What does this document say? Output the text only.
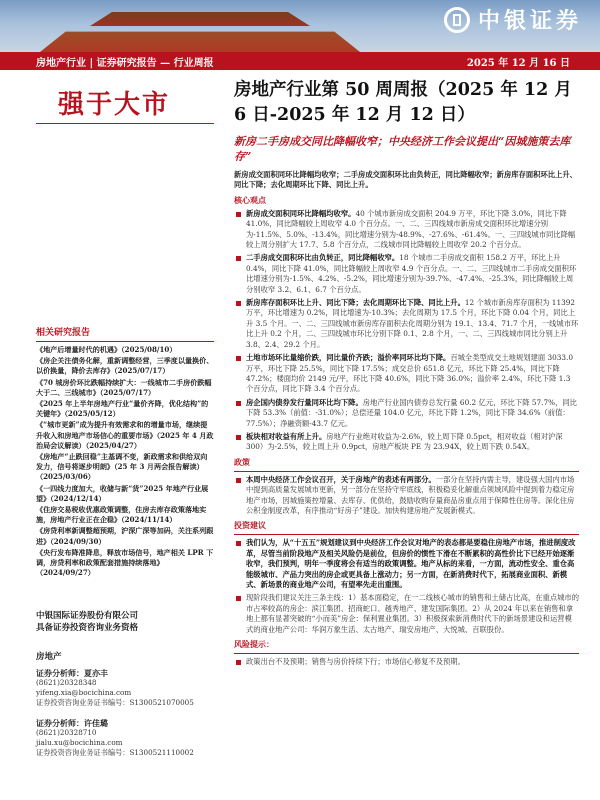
中银证券
房地产行业 | 证券研究报告 — 行业周报	2025 年 12 月 16 日
强于大市	房地产行业第 50 周周报（2025 年 12 月 6 日-2025 年 12 月 12 日）
新房二手房成交同比降幅收窄；中央经济工作会议提出“因城施策去库存”
新房成交面积同环比降幅均收窄；二手房成交面积环比由负转正，同比降幅收窄；新房库存面积环比上升、同比下降；去化周期环比下降、同比上升。
核心观点
新房成交面积同环比降幅均收窄。40 个城市新房成交面积 204.9 万平，环比下降 3.0%，同比下降 41.0%，同比降幅较上周收窄 4.0 个百分点。一、二、三四线城市新房成交面积环比增速分别为-11.5%、5.0%、-13.4%，同比增速分别为-48.9%、-27.6%、-61.4%。一、三四线城市同比降幅较上周分别扩大 17.7、5.8 个百分点，二线城市同比降幅较上周收窄 20.2 个百分点。
二手房成交面积环比由负转正，同比降幅收窄。18 个城市二手房成交面积 158.2 万平，环比上升 0.4%，同比下降 41.0%，同比降幅较上周收窄 4.9 个百分点。一、二、三四线城市二手房成交面积环比增速分别为-1.5%、4.2%、-5.2%，同比增速分别为-39.7%、-47.4%、-25.3%，同比降幅较上周分别收窄 3.2、6.1、6.7 个百分点。
新房库存面积环比上升、同比下降；去化周期环比下降、同比上升。12 个城市新房库存面积为 11392 万平，环比增速为 0.2%，同比增速为-10.3%；去化周期为 17.5 个月，环比下降 0.04 个月，同比上升 3.5 个月。一、二、三四线城市新房库存面积去化周期分别为 19.1、13.4、71.7 个月，一线城市环比上升 0.2 个月，二、三四线城市环比分别下降 0.1、2.8 个月，一、二、三四线城市同比分别上升 3.8、2.4、29.2 个月。
土地市场环比量缩价跌，同比量价齐跌；溢价率同环比均下降。百城全类型成交土地规划建面 3033.0 万平，环比下降 25.5%，同比下降 17.5%；成交总价 651.8 亿元，环比下降 25.4%，同比下降 47.2%；楼面均价 2149 元/平，环比下降 40.6%，同比下降 36.0%；溢价率 2.4%，环比下降 1.3 个百分点，同比下降 3.4 个百分点。
房企国内债券发行量同环比均下降。房地产行业国内债券总发行量 60.2 亿元，环比下降 57.7%，同比下降 53.3%（前值：-31.0%）；总偿还量 104.0 亿元，环比下降 1.2%，同比下降 34.6%（前值：77.5%）；净融资额-43.7 亿元。
板块相对收益有所上升。房地产行业绝对收益为-2.6%，较上周下降 0.5pct，相对收益（相对沪深 300）为-2.5%，较上周上升 0.9pct，房地产板块 PE 为 23.94X，较上周下跌 0.54X。
政策
本周中央经济工作会议召开，关于房地产的表述有两部分。一部分在坚持内需主导，建设强大国内市场中提到高质量发展城市更新，另一部分在坚持守牢底线，积极稳妥化解重点领域风险中提到着力稳定房地产市场，因城施策控增量、去库存、优供给，鼓励收购存量商品房重点用于保障性住房等。深化住房公积金制度改革，有序推动“好房子”建设。加快构建房地产发展新模式。
投资建议
我们认为，从“十五五”规划建议到中央经济工作会议对地产的表态都是要稳住房地产市场，推进制度改革，尽管当前阶段地产及相关风险仍是前位，但房价的惯性下滑在不断累积的高性价比下已经开始逐渐收窄，我们预判，明年一季度将会有适当的政策调整。地产从标的来看，一方面，流动性安全、重仓高能级城市、产品力突出的房企或更具备上涨动力；另一方面，在新消费时代下，拓展商业面积、新模式、新场景的商业地产公司，有望率先走出重围。
现阶段我们建议关注三条主线：1）基本面稳定，在一二线核心城市的销售和土储占比高，在重点城市的市占率较高的房企：滨江集团、招商蛇口、越秀地产、建发国际集团。2）从 2024 年以来在销售和拿地上都有显著突破的“小而美”房企：保利置业集团。3）积极探索新消费时代下的新场景建设和运营模式的商业地产公司：华润万象生活、太古地产、瑞安房地产、大悦城、百联股份。
风险提示：
政策出台不及预期；销售与房价持续下行；市场信心修复不及预期。
相关研究报告
《地产后增量时代的机遇》（2025/08/10）
《房企关注债务化解，重新调整经营，三季度以量换价、以价换量，降价去库存》（2025/07/17）
《70 城房价环比跌幅持续扩大：一线城市二手房价跌幅大于二、三线城市》（2025/07/17）
《2025 年上半年房地产行业“量价齐降，优化结构”的关键年》（2025/05/12）
《“城市更新”成为提升有效需求和的增量市场，继续提升收入和房地产市场信心的重要市场》（2025 年 4 月政治局会议解读）（2025/04/27）
《房地产“止跌回稳”主基调不变，新政需求和供给双向发力，信号将逐步明朗》（25 年 3 月两会报告解读）（2025/03/06）
《一四线力度加大，收储与新“货”2025 年地产行业展望》（2024/12/14）
《住房交易税收优惠政策调整，住房去库存政策落地实施，房地产行业正在企稳》（2024/11/14）
《房贷利率新调整超预期，沪深广深等加码，关注系列跟进》（2024/09/30）
《央行发布降准降息，释放市场信号，地产相关 LPR 下调，房贷利率和政策配套措施持续落地》（2024/09/27）
中银国际证券股份有限公司
具备证券投资咨询业务资格
房地产
证券分析师：夏亦丰
(8621)20328348
yifeng.xia@bocichina.com
证券投资咨询业务证书编号：S1300521070005
证券分析师：许佳璐
(8621)20328710
jialu.xu@bocichina.com
证券投资咨询业务证书编号：S1300521110002
